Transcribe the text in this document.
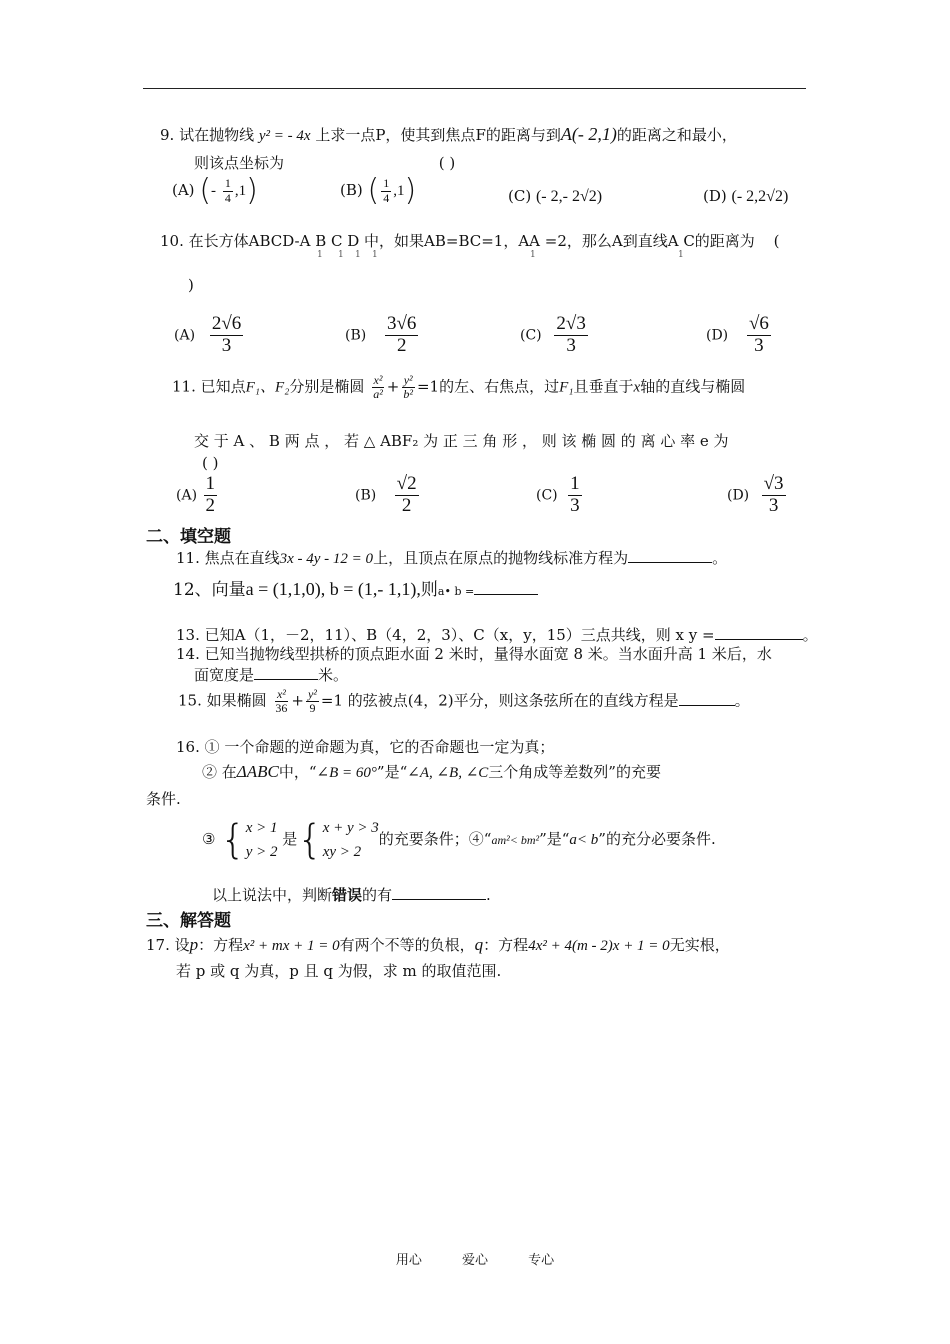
9. 试在抛物线 y² = - 4x 上求一点P，使其到焦点F的距离与到A(- 2,1)的距离之和最小，
则该点坐标为	( )
(A) (- $\frac{1}{4} ,1$)	(B) ( $\frac{1}{4} ,1$)	(C) (- 2,- 2√2)	(D) (- 2,2√2)
10. 在长方体ABCD-A B C D 中，如果AB=BC=1，AA =2，那么A到直线A C的距离为 (
1 1 1 1	1	1
)
$(A) \frac{2√6}{3}$	$(B) \frac{3√6}{2}$	$(C) \frac{2√3}{3}$	$(D) \frac{√6}{3}$
11. 已知点F₁、F₂分别是椭圆 $\frac{\text{x²}}{\text{a²}} + \frac{\text{y²}}{\text{b²}} =1$的左、右焦点，过F₁且垂直于x轴的直线与椭圆
交 于 A 、 B 两 点 ， 若 △ ABF₂ 为 正 三 角 形 ， 则 该 椭 圆 的 离 心 率 e 为
( )
$(A) \frac{1}{2}$	$(B) \frac{√2}{2}$	$(C) \frac{1}{3}$	$(D) \frac{√3}{3}$
二、填空题
11. 焦点在直线3x - 4y - 12 = 0上，且顶点在原点的抛物线标准方程为	。
12、向量a = (1,1,0), b = (1,- 1,1),则a• b =
13. 已知A（1，－2，11）、B（4，2，3）、C（x，y，15）三点共线，则 x y =	。
14. 已知当抛物线型拱桥的顶点距水面 2 米时，量得水面宽 8 米。当水面升高 1 米后，水
面宽度是	米。
15. 如果椭圆 $\frac{\text{x²}}{36} + \frac{\text{y²}}{9} =1$ 的弦被点(4，2)平分，则这条弦所在的直线方程是	。
16. ① 一个命题的逆命题为真，它的否命题也一定为真；
② 在ΔABC中，“∠B = 60°”是“∠A, ∠B, ∠C三个角成等差数列”的充要
条件.
③ { x > 1
y > 2
是{ x + y > 3
xy > 2
的充要条件；④“am²< bm²”是“a< b”的充分必要条件.
以上说法中，判断错误的有	.
三、解答题
17. 设p：方程x² + mx + 1 = 0有两个不等的负根，q：方程4x² + 4(m - 2)x + 1 = 0无实根，
若 p 或 q 为真，p 且 q 为假，求 m 的取值范围.
用心	爱心	专心
